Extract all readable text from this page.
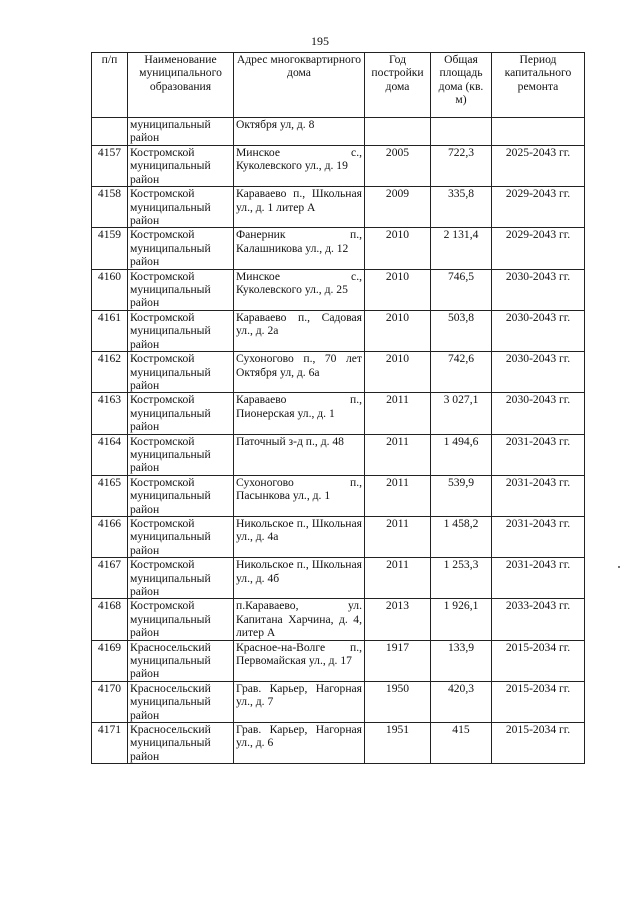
195
п/п	Наименование муниципального образования	Адрес многоквартирного дома	Год постройки дома	Общая площадь дома (кв. м)	Период капитального ремонта
	муниципальный район	Октября ул, д. 8			
4157	Костромской муниципальный район	Минское с., Куколевского ул., д. 19	2005	722,3	2025-2043 гг.
4158	Костромской муниципальный район	Караваево п., Школьная ул., д. 1 литер А	2009	335,8	2029-2043 гг.
4159	Костромской муниципальный район	Фанерник п., Калашникова ул., д. 12	2010	2 131,4	2029-2043 гг.
4160	Костромской муниципальный район	Минское с., Куколевского ул., д. 25	2010	746,5	2030-2043 гг.
4161	Костромской муниципальный район	Караваево п., Садовая ул., д. 2а	2010	503,8	2030-2043 гг.
4162	Костромской муниципальный район	Сухоногово п., 70 лет Октября ул, д. 6а	2010	742,6	2030-2043 гг.
4163	Костромской муниципальный район	Караваево п., Пионерская ул., д. 1	2011	3 027,1	2030-2043 гг.
4164	Костромской муниципальный район	Паточный з-д п., д. 48	2011	1 494,6	2031-2043 гг.
4165	Костромской муниципальный район	Сухоногово п., Пасынкова ул., д. 1	2011	539,9	2031-2043 гг.
4166	Костромской муниципальный район	Никольское п., Школьная ул., д. 4а	2011	1 458,2	2031-2043 гг.
4167	Костромской муниципальный район	Никольское п., Школьная ул., д. 4б	2011	1 253,3	2031-2043 гг.
4168	Костромской муниципальный район	п.Караваево, ул. Капитана Харчина, д. 4, литер А	2013	1 926,1	2033-2043 гг.
4169	Красносельский муниципальный район	Красное-на-Волге п., Первомайская ул., д. 17	1917	133,9	2015-2034 гг.
4170	Красносельский муниципальный район	Грав. Карьер, Нагорная ул., д. 7	1950	420,3	2015-2034 гг.
4171	Красносельский муниципальный район	Грав. Карьер, Нагорная ул., д. 6	1951	415	2015-2034 гг.
